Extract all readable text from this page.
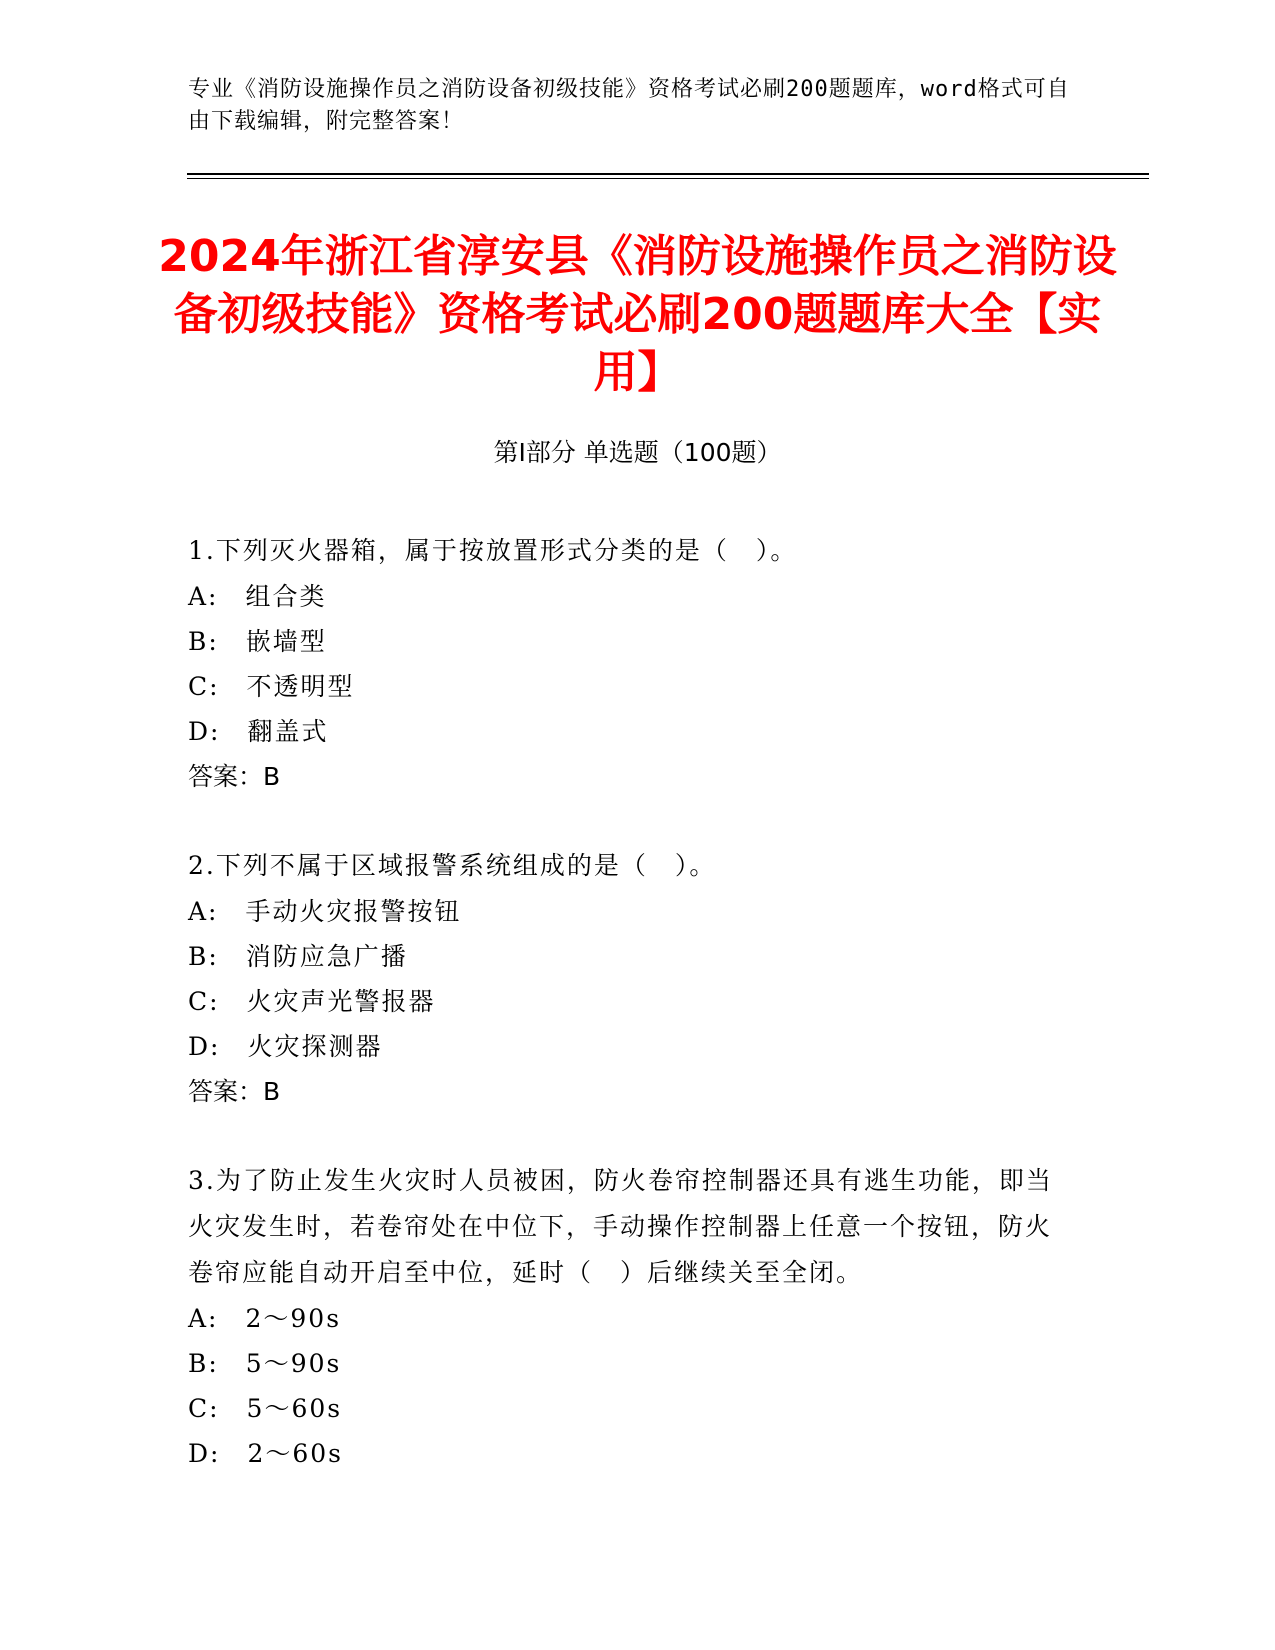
专业《消防设施操作员之消防设备初级技能》资格考试必刷200题题库，word格式可自由下载编辑，附完整答案！
2024年浙江省淳安县《消防设施操作员之消防设备初级技能》资格考试必刷200题题库大全【实用】
第Ⅰ部分 单选题（100题）
1.下列灭火器箱，属于按放置形式分类的是（　）。
A:　组合类
B:　嵌墙型
C:　不透明型
D:　翻盖式
答案：B
2.下列不属于区域报警系统组成的是（　）。
A:　手动火灾报警按钮
B:　消防应急广播
C:　火灾声光警报器
D:　火灾探测器
答案：B
3.为了防止发生火灾时人员被困，防火卷帘控制器还具有逃生功能，即当火灾发生时，若卷帘处在中位下，手动操作控制器上任意一个按钮，防火卷帘应能自动开启至中位，延时（　）后继续关至全闭。
A:　2～90s
B:　5～90s
C:　5～60s
D:　2～60s
